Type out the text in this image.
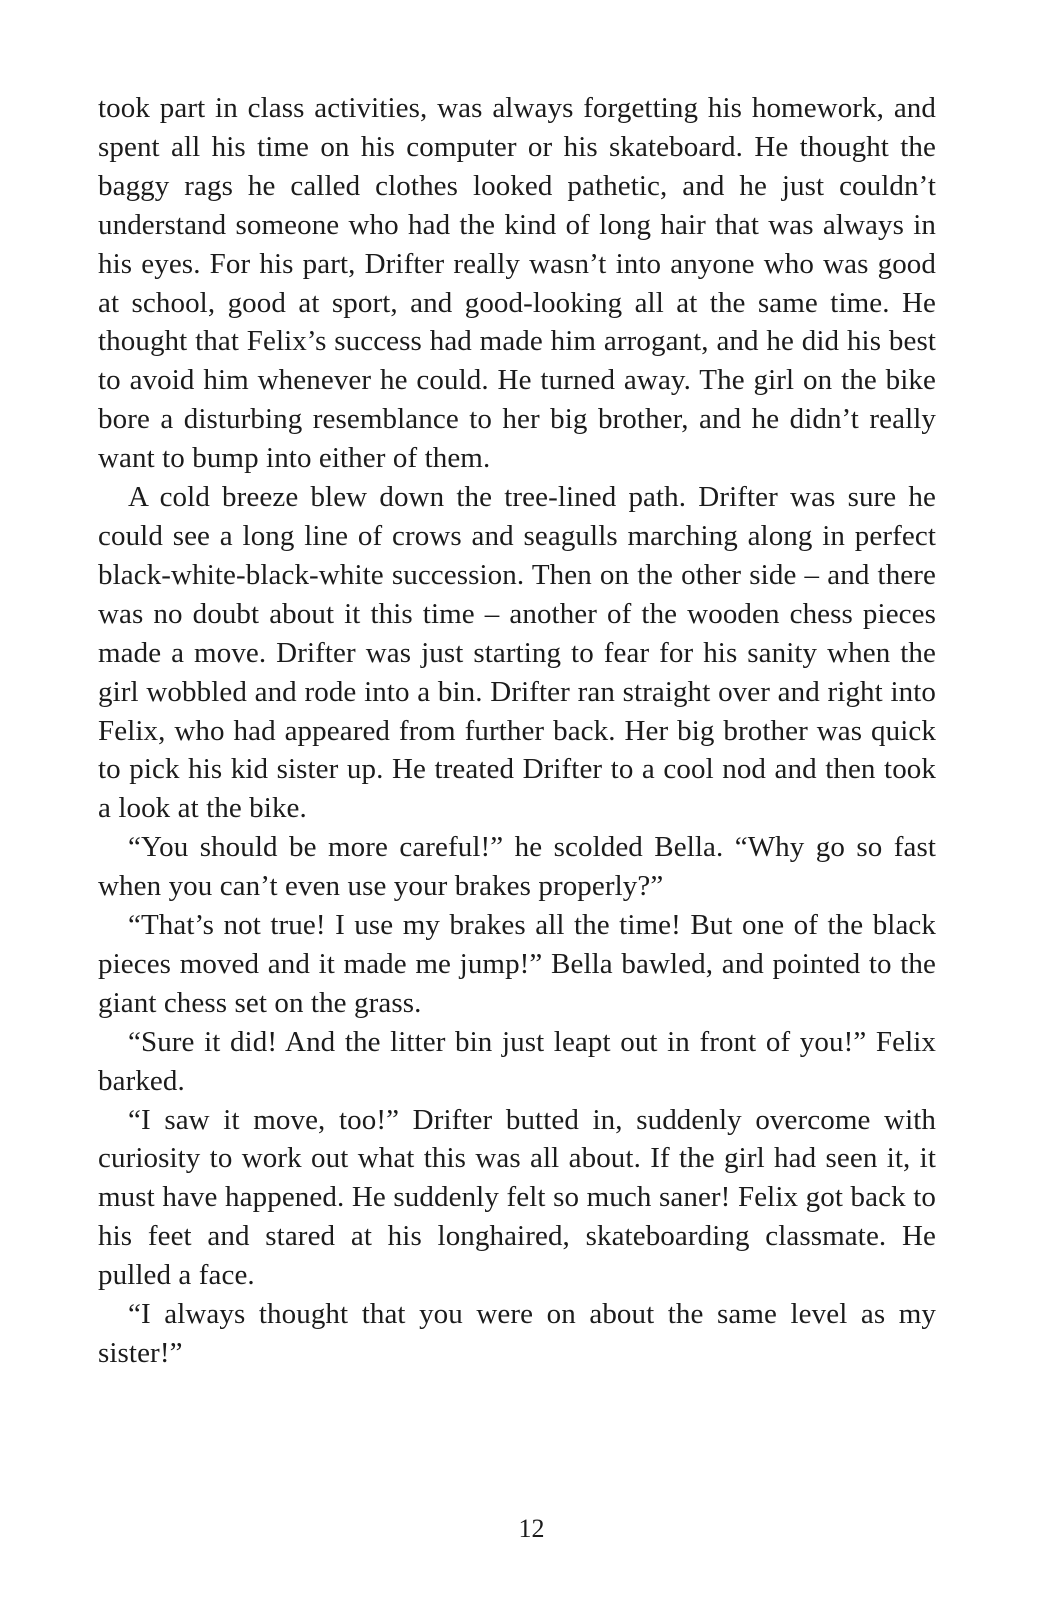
took part in class activities, was always forgetting his homework, and spent all his time on his computer or his skateboard. He thought the baggy rags he called clothes looked pathetic, and he just couldn’t understand someone who had the kind of long hair that was always in his eyes. For his part, Drifter really wasn’t into anyone who was good at school, good at sport, and good-looking all at the same time. He thought that Felix’s success had made him arrogant, and he did his best to avoid him whenever he could. He turned away. The girl on the bike bore a disturbing resemblance to her big brother, and he didn’t really want to bump into either of them.

A cold breeze blew down the tree-lined path. Drifter was sure he could see a long line of crows and seagulls marching along in perfect black-white-black-white succession. Then on the other side – and there was no doubt about it this time – another of the wooden chess pieces made a move. Drifter was just starting to fear for his sanity when the girl wobbled and rode into a bin. Drifter ran straight over and right into Felix, who had appeared from further back. Her big brother was quick to pick his kid sister up. He treated Drifter to a cool nod and then took a look at the bike.

“You should be more careful!” he scolded Bella. “Why go so fast when you can’t even use your brakes properly?”

“That’s not true! I use my brakes all the time! But one of the black pieces moved and it made me jump!” Bella bawled, and pointed to the giant chess set on the grass.

“Sure it did! And the litter bin just leapt out in front of you!” Felix barked.

“I saw it move, too!” Drifter butted in, suddenly overcome with curiosity to work out what this was all about. If the girl had seen it, it must have happened. He suddenly felt so much saner! Felix got back to his feet and stared at his longhaired, skateboarding classmate. He pulled a face.

“I always thought that you were on about the same level as my sister!”

12
